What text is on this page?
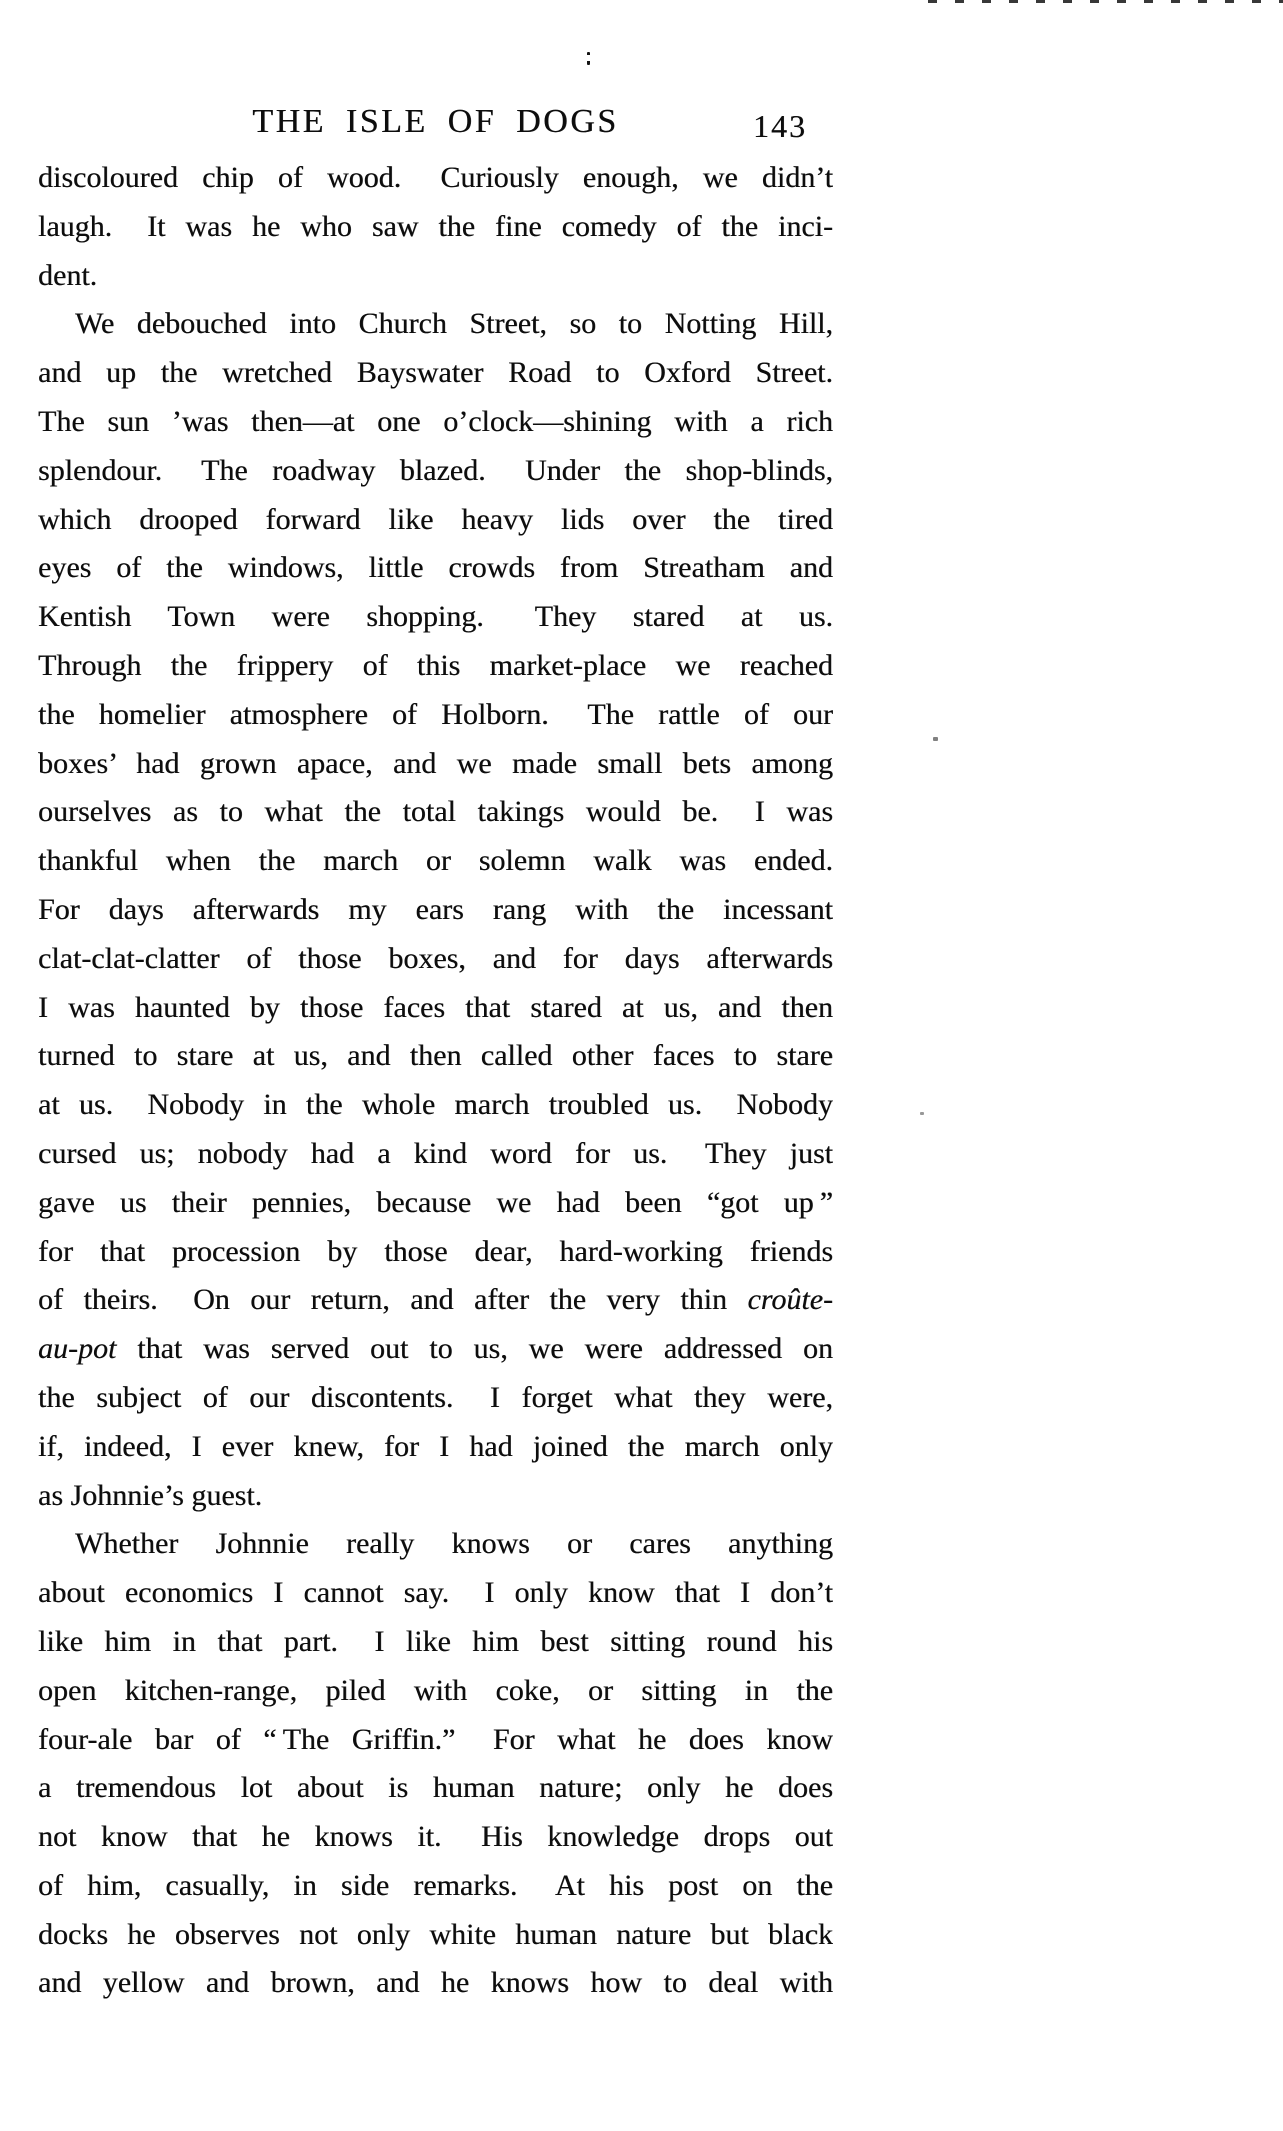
THE ISLE OF DOGS	143
discoloured chip of wood.  Curiously enough, we didn’t
laugh.  It was he who saw the fine comedy of the inci-
dent.
We debouched into Church Street, so to Notting Hill,
and up the wretched Bayswater Road to Oxford Street.
The sun ’was then—at one o’clock—shining with a rich
splendour.  The roadway blazed.  Under the shop-blinds,
which drooped forward like heavy lids over the tired
eyes of the windows, little crowds from Streatham and
Kentish Town were shopping.  They stared at us.
Through the frippery of this market-place we reached
the homelier atmosphere of Holborn.  The rattle of our
boxes’ had grown apace, and we made small bets among
ourselves as to what the total takings would be.  I was
thankful when the march or solemn walk was ended.
For days afterwards my ears rang with the incessant
clat-clat-clatter of those boxes, and for days afterwards
I was haunted by those faces that stared at us, and then
turned to stare at us, and then called other faces to stare
at us.  Nobody in the whole march troubled us.  Nobody
cursed us; nobody had a kind word for us.  They just
gave us their pennies, because we had been “got up ”
for that procession by those dear, hard-working friends
of theirs.  On our return, and after the very thin croûte-
au-pot that was served out to us, we were addressed on
the subject of our discontents.  I forget what they were,
if, indeed, I ever knew, for I had joined the march only
as Johnnie’s guest.
Whether Johnnie really knows or cares anything
about economics I cannot say.  I only know that I don’t
like him in that part.  I like him best sitting round his
open kitchen-range, piled with coke, or sitting in the
four-ale bar of “ The Griffin.”  For what he does know
a tremendous lot about is human nature; only he does
not know that he knows it.  His knowledge drops out
of him, casually, in side remarks.  At his post on the
docks he observes not only white human nature but black
and yellow and brown, and he knows how to deal with
